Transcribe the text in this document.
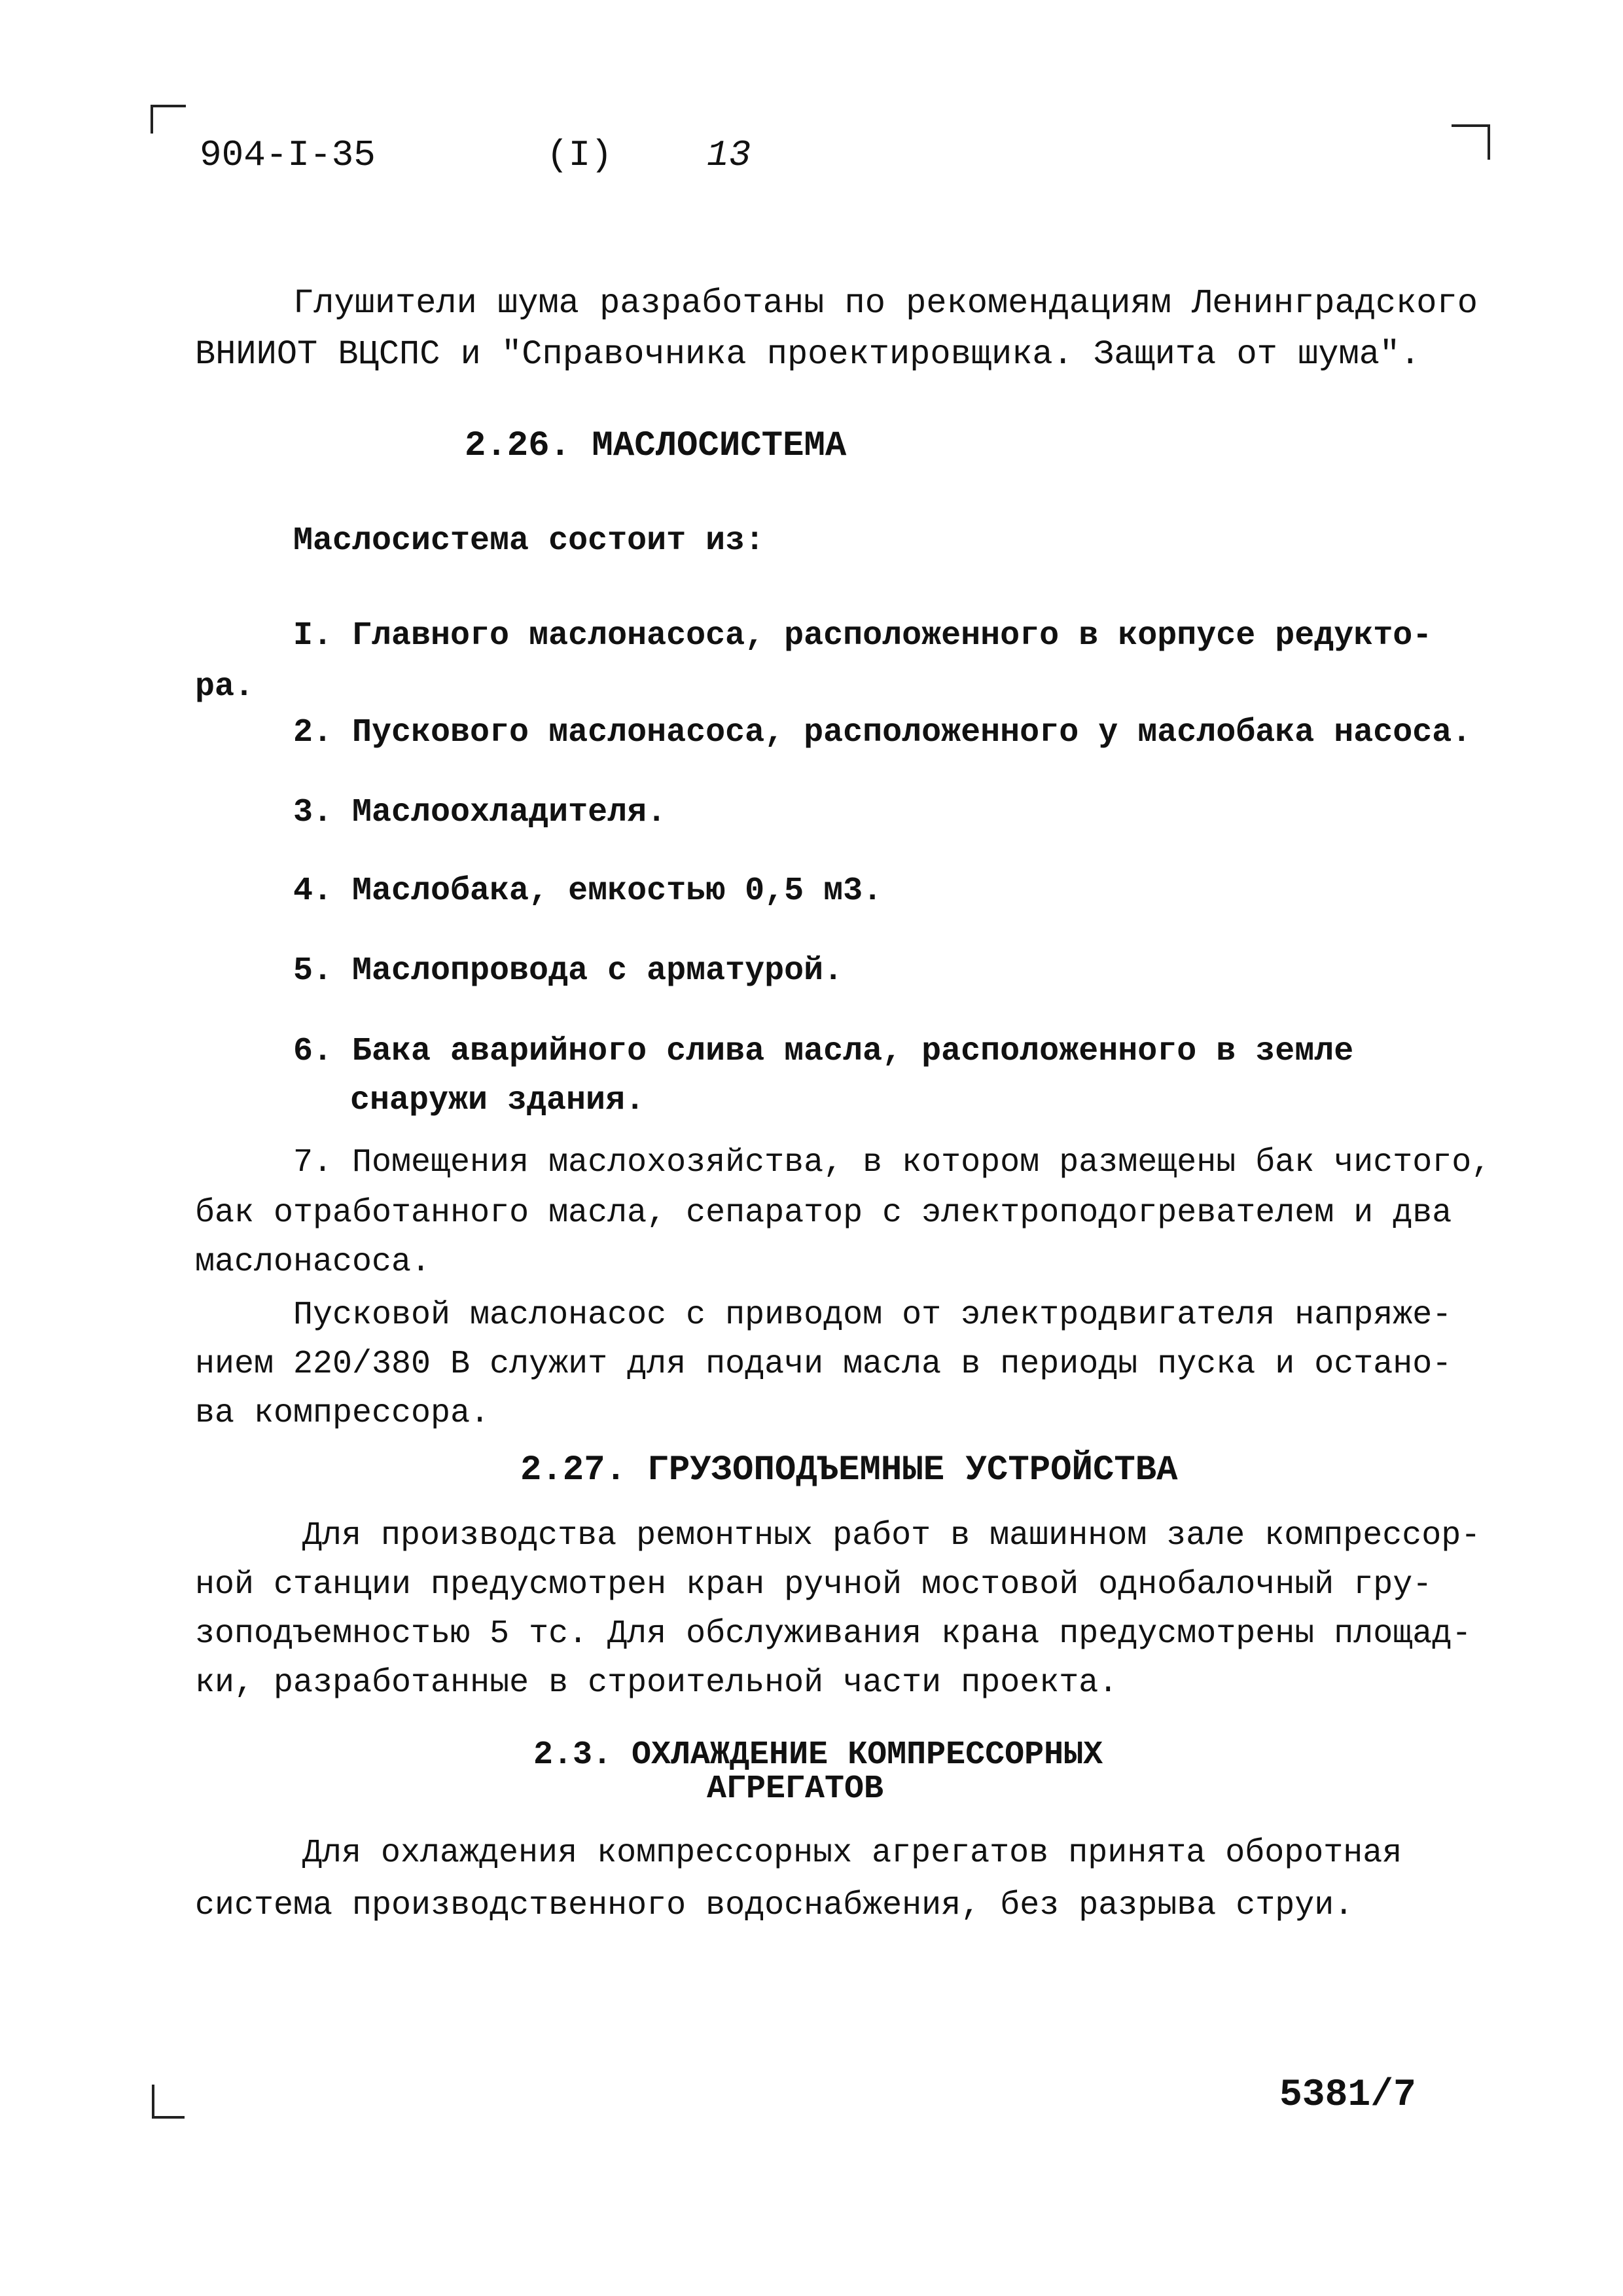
904-I-35	(I)	13
Глушители шума разработаны по рекомендациям Ленинградского
ВНИИОТ ВЦСПС и "Справочника проектировщика. Защита от шума".
2.26. МАСЛОСИСТЕМА
Маслосистема состоит из:
I. Главного маслонасоса, расположенного в корпусе редукто-
ра.
2. Пускового маслонасоса, расположенного у маслобака насоса.
3. Маслоохладителя.
4. Маслобака, емкостью 0,5 м3.
5. Маслопровода с арматурой.
6. Бака аварийного слива масла, расположенного в земле
снаружи здания.
7. Помещения маслохозяйства, в котором размещены бак чистого,
бак отработанного масла, сепаратор с электроподогревателем и два
маслонасоса.
Пусковой маслонасос с приводом от электродвигателя напряже-
нием 220/380 В служит для подачи масла в периоды пуска и остано-
ва компрессора.
2.27. ГРУЗОПОДЪЕМНЫЕ УСТРОЙСТВА
Для производства ремонтных работ в машинном зале компрессор-
ной станции предусмотрен кран ручной мостовой однобалочный гру-
зоподъемностью 5 тс. Для обслуживания крана предусмотрены площад-
ки, разработанные в строительной части проекта.
2.3. ОХЛАЖДЕНИЕ КОМПРЕССОРНЫХ
АГРЕГАТОВ
Для охлаждения компрессорных агрегатов принята оборотная
система производственного водоснабжения, без разрыва струи.
5381/7
